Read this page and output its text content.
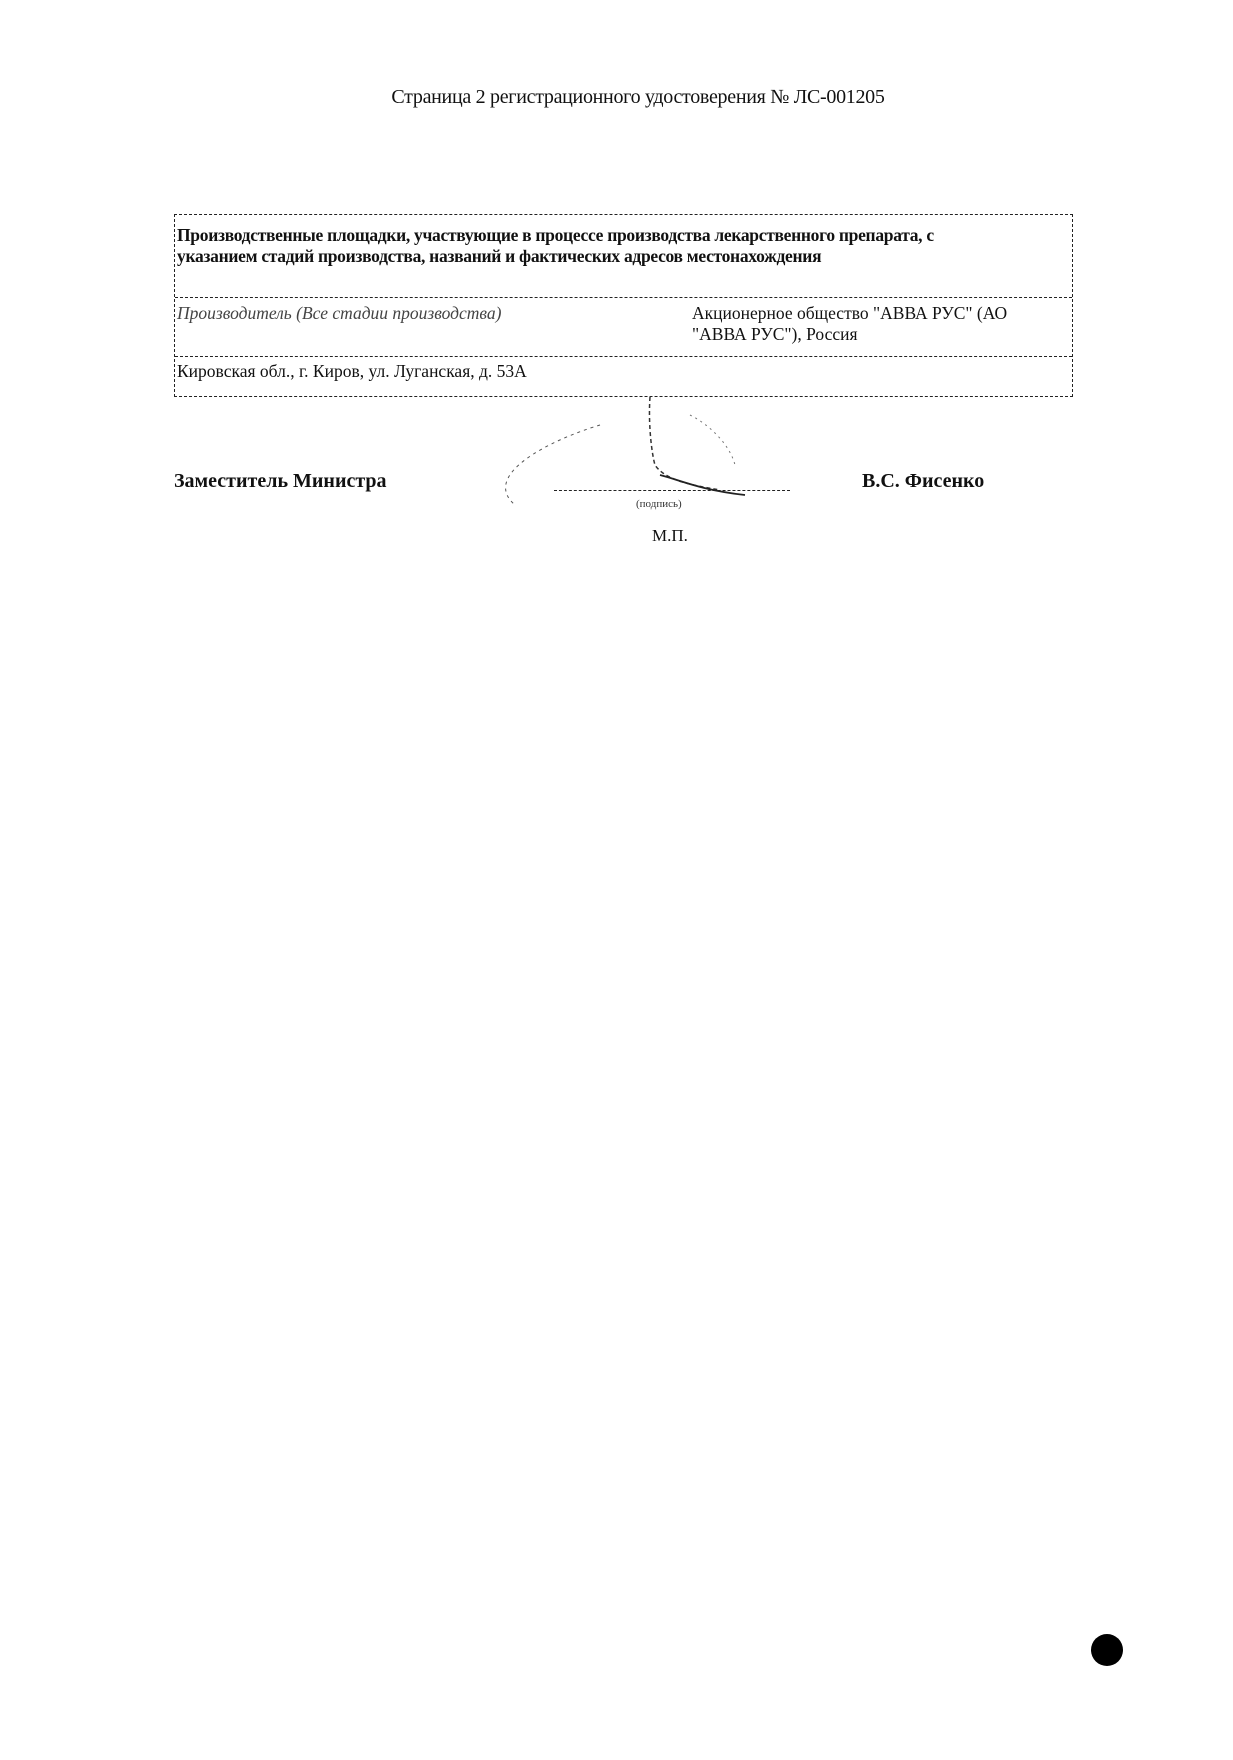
Страница 2 регистрационного удостоверения № ЛС-001205
Производственные площадки, участвующие в процессе производства лекарственного препарата, с указанием стадий производства, названий и фактических адресов местонахождения
Производитель (Все стадии производства)	Акционерное общество "АВВА РУС" (АО "АВВА РУС"), Россия
Кировская обл., г. Киров, ул. Луганская, д. 53А
Заместитель Министра
(подпись)
В.С. Фисенко
М.П.
